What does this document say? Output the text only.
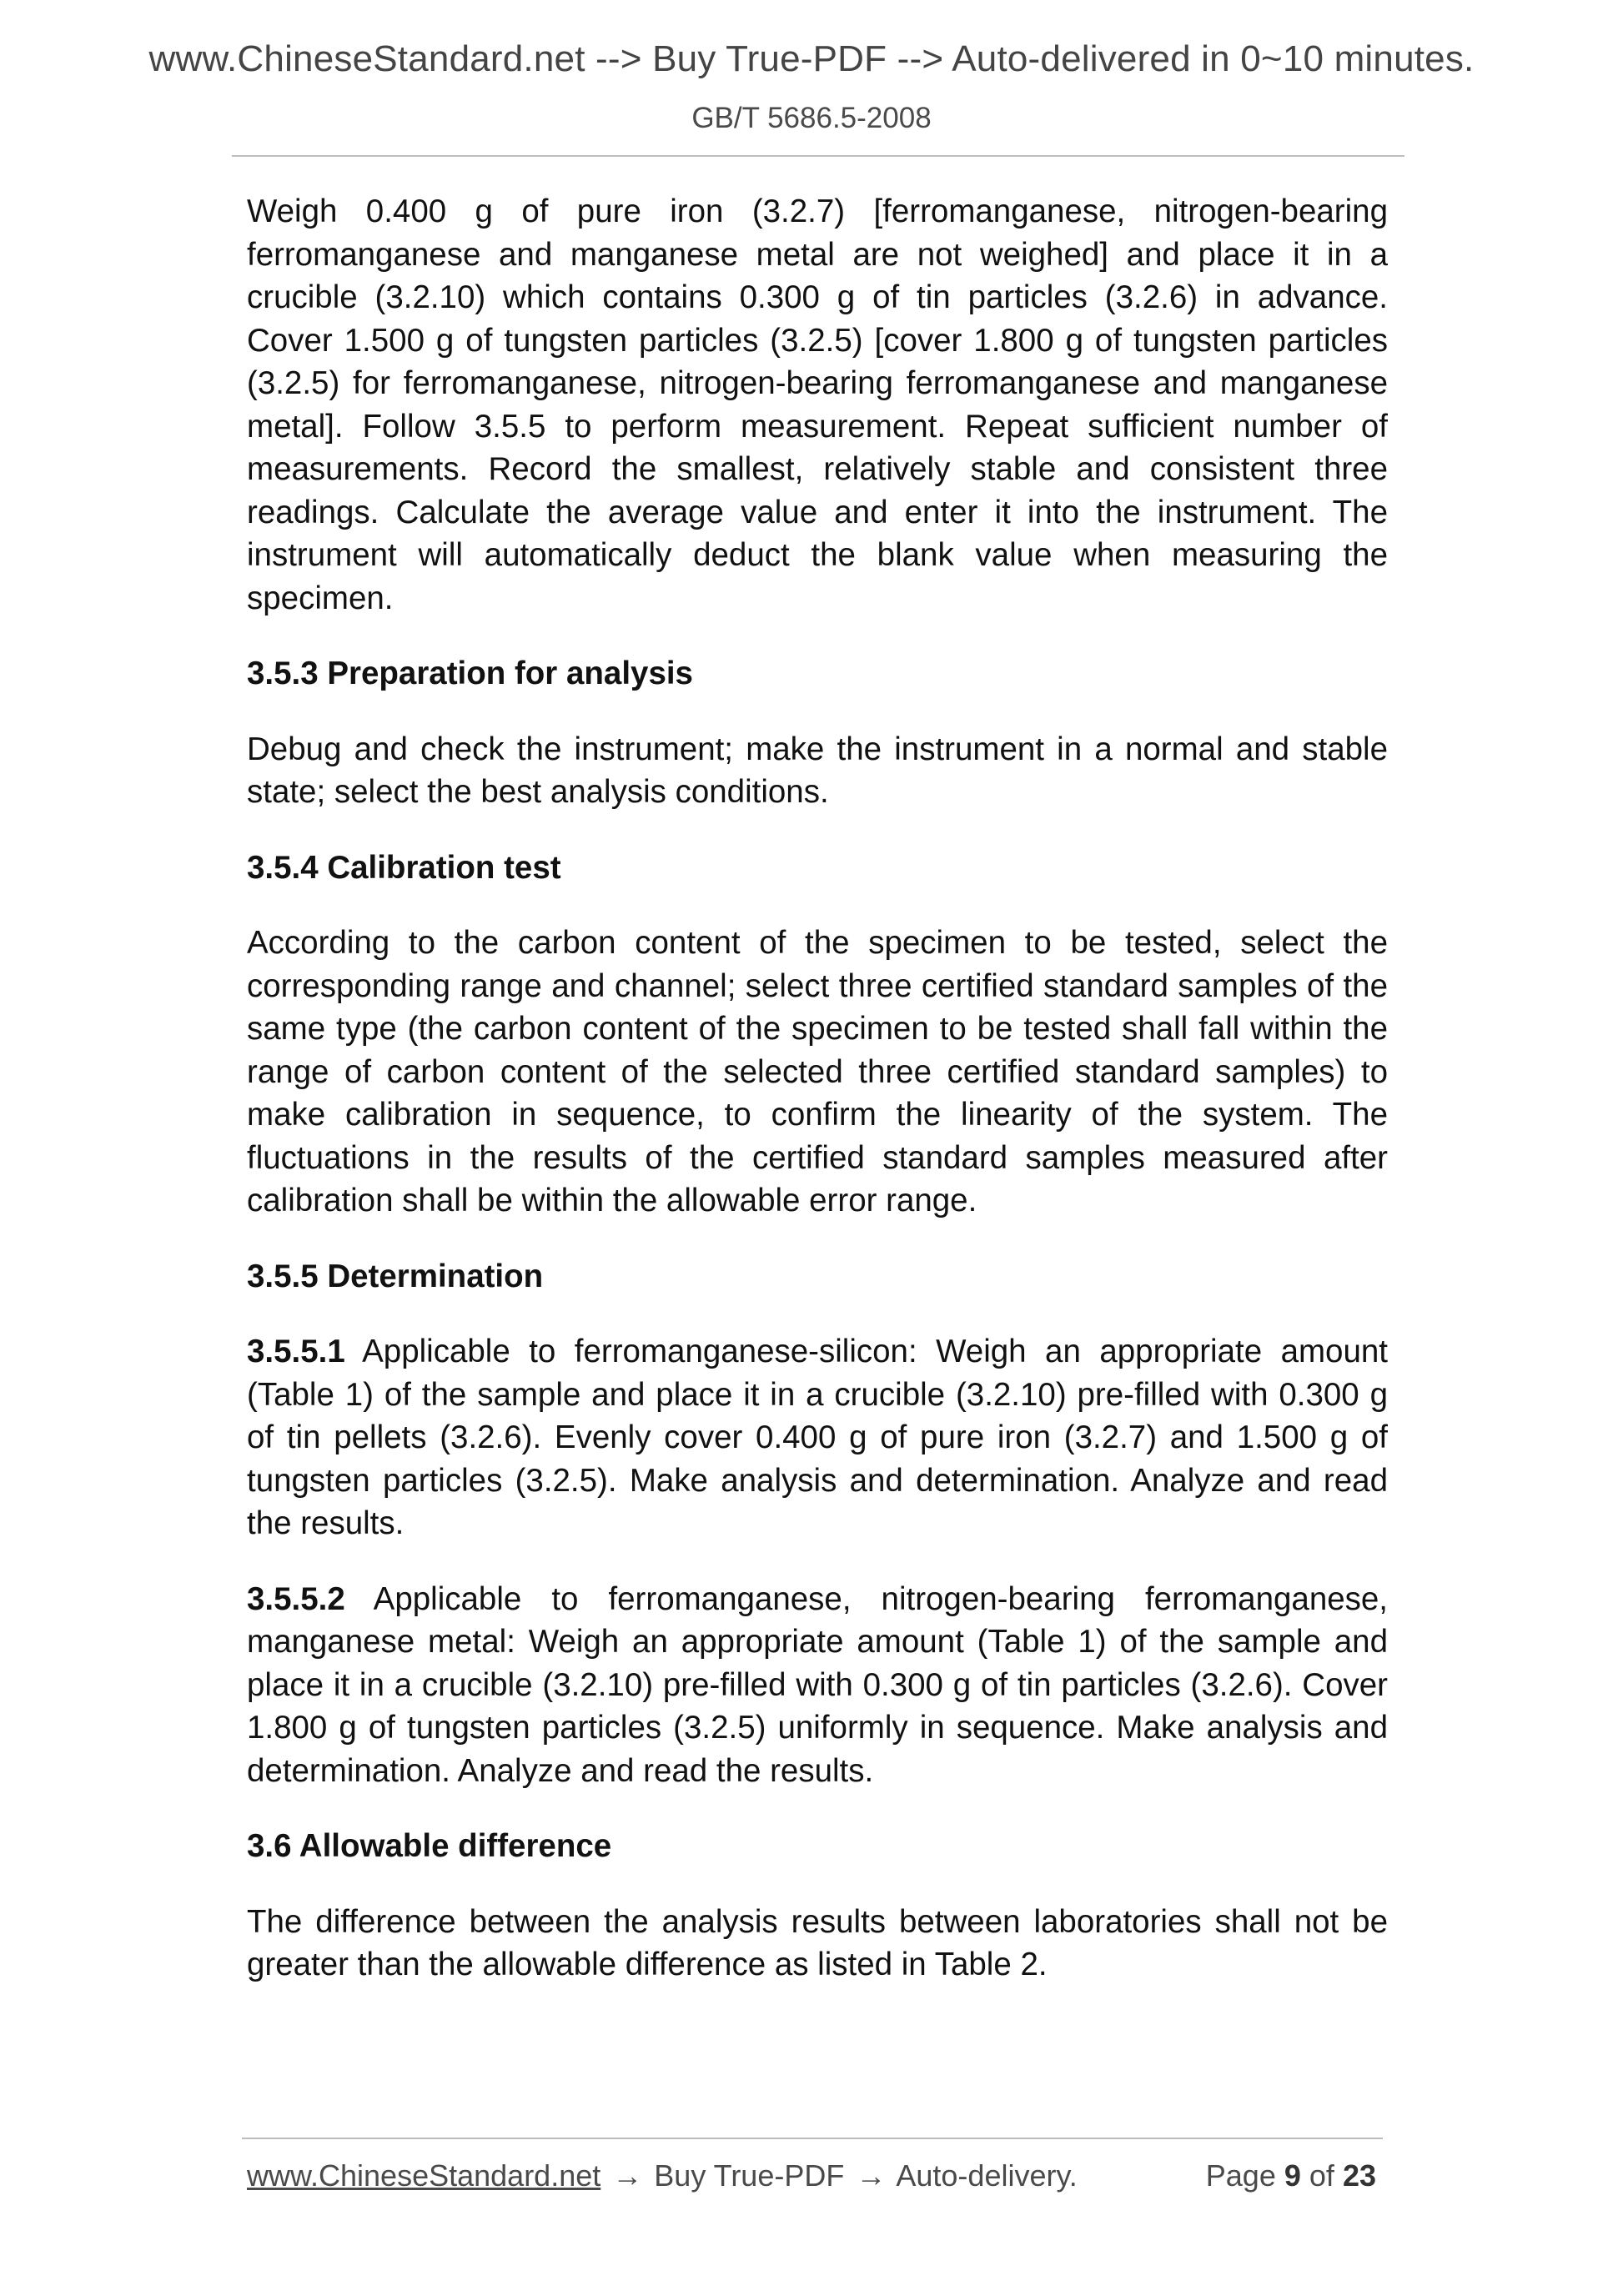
www.ChineseStandard.net --> Buy True-PDF --> Auto-delivered in 0~10 minutes.
GB/T 5686.5-2008

Weigh 0.400 g of pure iron (3.2.7) [ferromanganese, nitrogen-bearing ferromanganese and manganese metal are not weighed] and place it in a crucible (3.2.10) which contains 0.300 g of tin particles (3.2.6) in advance. Cover 1.500 g of tungsten particles (3.2.5) [cover 1.800 g of tungsten particles (3.2.5) for ferromanganese, nitrogen-bearing ferromanganese and manganese metal]. Follow 3.5.5 to perform measurement. Repeat sufficient number of measurements. Record the smallest, relatively stable and consistent three readings. Calculate the average value and enter it into the instrument. The instrument will automatically deduct the blank value when measuring the specimen.

3.5.3 Preparation for analysis

Debug and check the instrument; make the instrument in a normal and stable state; select the best analysis conditions.

3.5.4 Calibration test

According to the carbon content of the specimen to be tested, select the corresponding range and channel; select three certified standard samples of the same type (the carbon content of the specimen to be tested shall fall within the range of carbon content of the selected three certified standard samples) to make calibration in sequence, to confirm the linearity of the system. The fluctuations in the results of the certified standard samples measured after calibration shall be within the allowable error range.

3.5.5 Determination

3.5.5.1 Applicable to ferromanganese-silicon: Weigh an appropriate amount (Table 1) of the sample and place it in a crucible (3.2.10) pre-filled with 0.300 g of tin pellets (3.2.6). Evenly cover 0.400 g of pure iron (3.2.7) and 1.500 g of tungsten particles (3.2.5). Make analysis and determination. Analyze and read the results.

3.5.5.2 Applicable to ferromanganese, nitrogen-bearing ferromanganese, manganese metal: Weigh an appropriate amount (Table 1) of the sample and place it in a crucible (3.2.10) pre-filled with 0.300 g of tin particles (3.2.6). Cover 1.800 g of tungsten particles (3.2.5) uniformly in sequence. Make analysis and determination. Analyze and read the results.

3.6 Allowable difference

The difference between the analysis results between laboratories shall not be greater than the allowable difference as listed in Table 2.

www.ChineseStandard.net → Buy True-PDF → Auto-delivery.	Page 9 of 23
